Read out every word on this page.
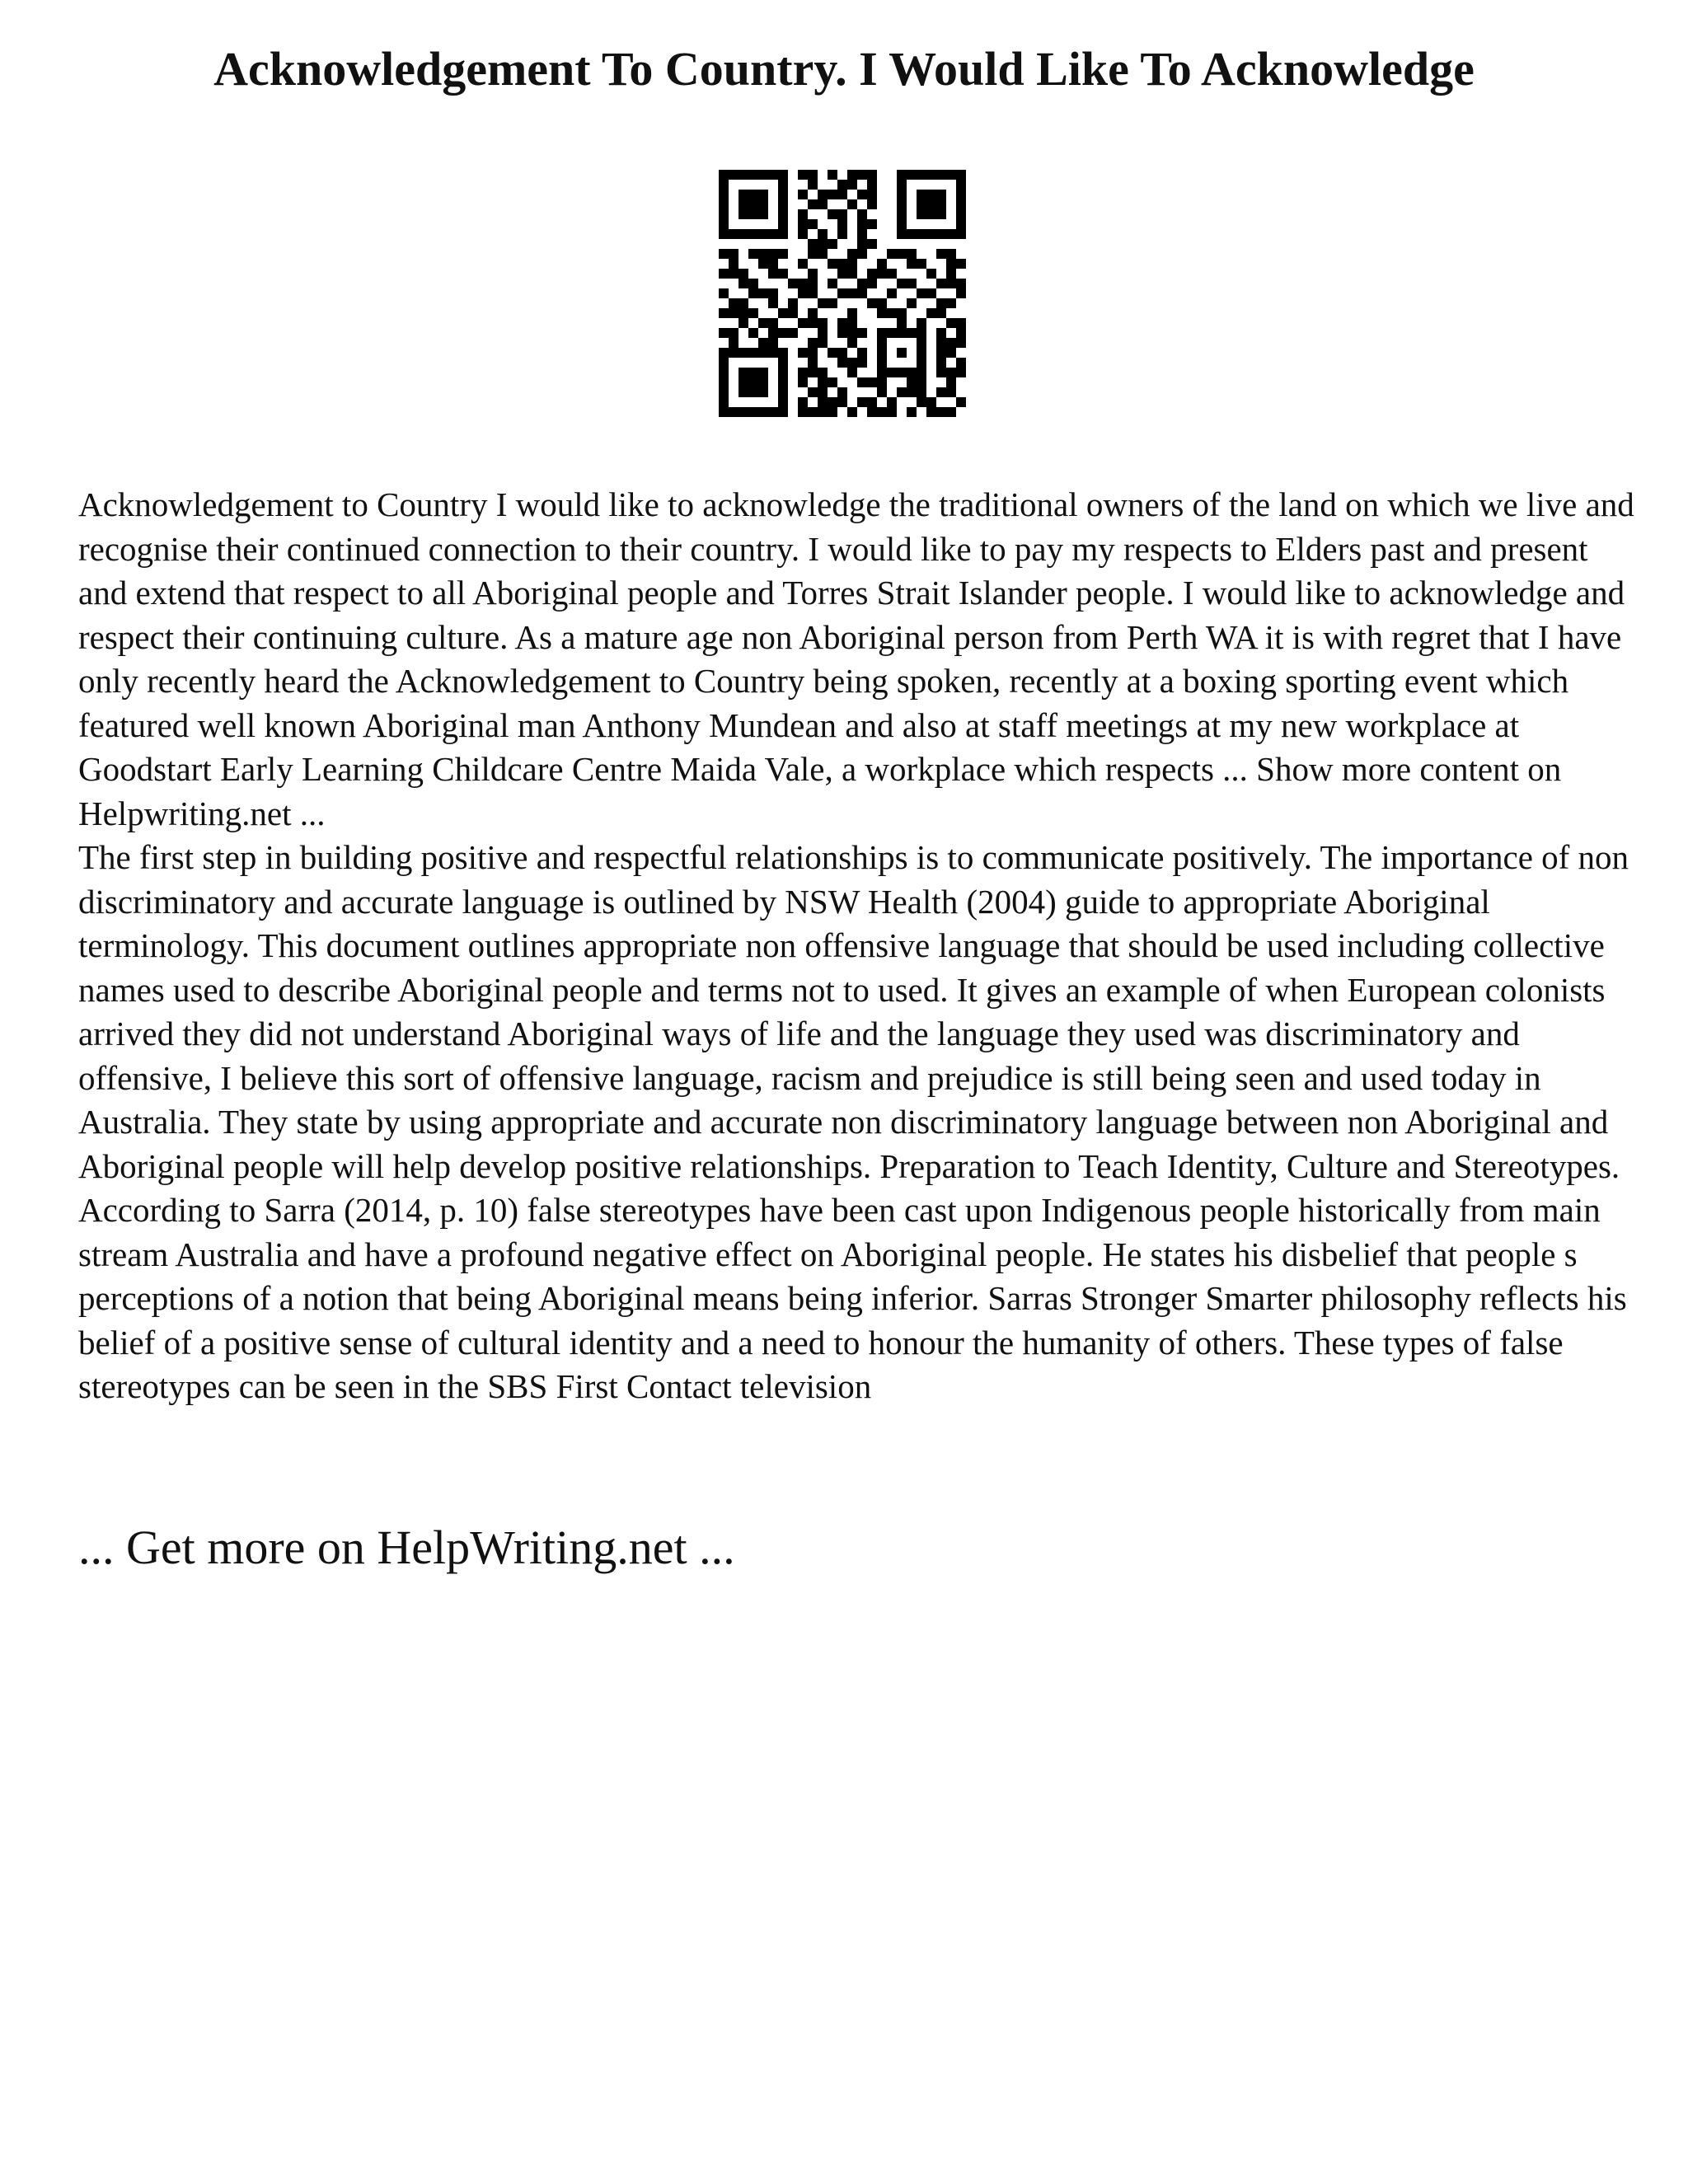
Acknowledgement To Country. I Would Like To Acknowledge

Acknowledgement to Country I would like to acknowledge the traditional owners of the land on which we live and recognise their continued connection to their country. I would like to pay my respects to Elders past and present and extend that respect to all Aboriginal people and Torres Strait Islander people. I would like to acknowledge and respect their continuing culture. As a mature age non Aboriginal person from Perth WA it is with regret that I have only recently heard the Acknowledgement to Country being spoken, recently at a boxing sporting event which featured well known Aboriginal man Anthony Mundean and also at staff meetings at my new workplace at Goodstart Early Learning Childcare Centre Maida Vale, a workplace which respects ... Show more content on Helpwriting.net ...

The first step in building positive and respectful relationships is to communicate positively. The importance of non discriminatory and accurate language is outlined by NSW Health (2004) guide to appropriate Aboriginal terminology. This document outlines appropriate non offensive language that should be used including collective names used to describe Aboriginal people and terms not to used. It gives an example of when European colonists arrived they did not understand Aboriginal ways of life and the language they used was discriminatory and offensive, I believe this sort of offensive language, racism and prejudice is still being seen and used today in Australia. They state by using appropriate and accurate non discriminatory language between non Aboriginal and Aboriginal people will help develop positive relationships. Preparation to Teach Identity, Culture and Stereotypes. According to Sarra (2014, p. 10) false stereotypes have been cast upon Indigenous people historically from main stream Australia and have a profound negative effect on Aboriginal people. He states his disbelief that people s perceptions of a notion that being Aboriginal means being inferior. Sarras Stronger Smarter philosophy reflects his belief of a positive sense of cultural identity and a need to honour the humanity of others. These types of false stereotypes can be seen in the SBS First Contact television

... Get more on HelpWriting.net ...
